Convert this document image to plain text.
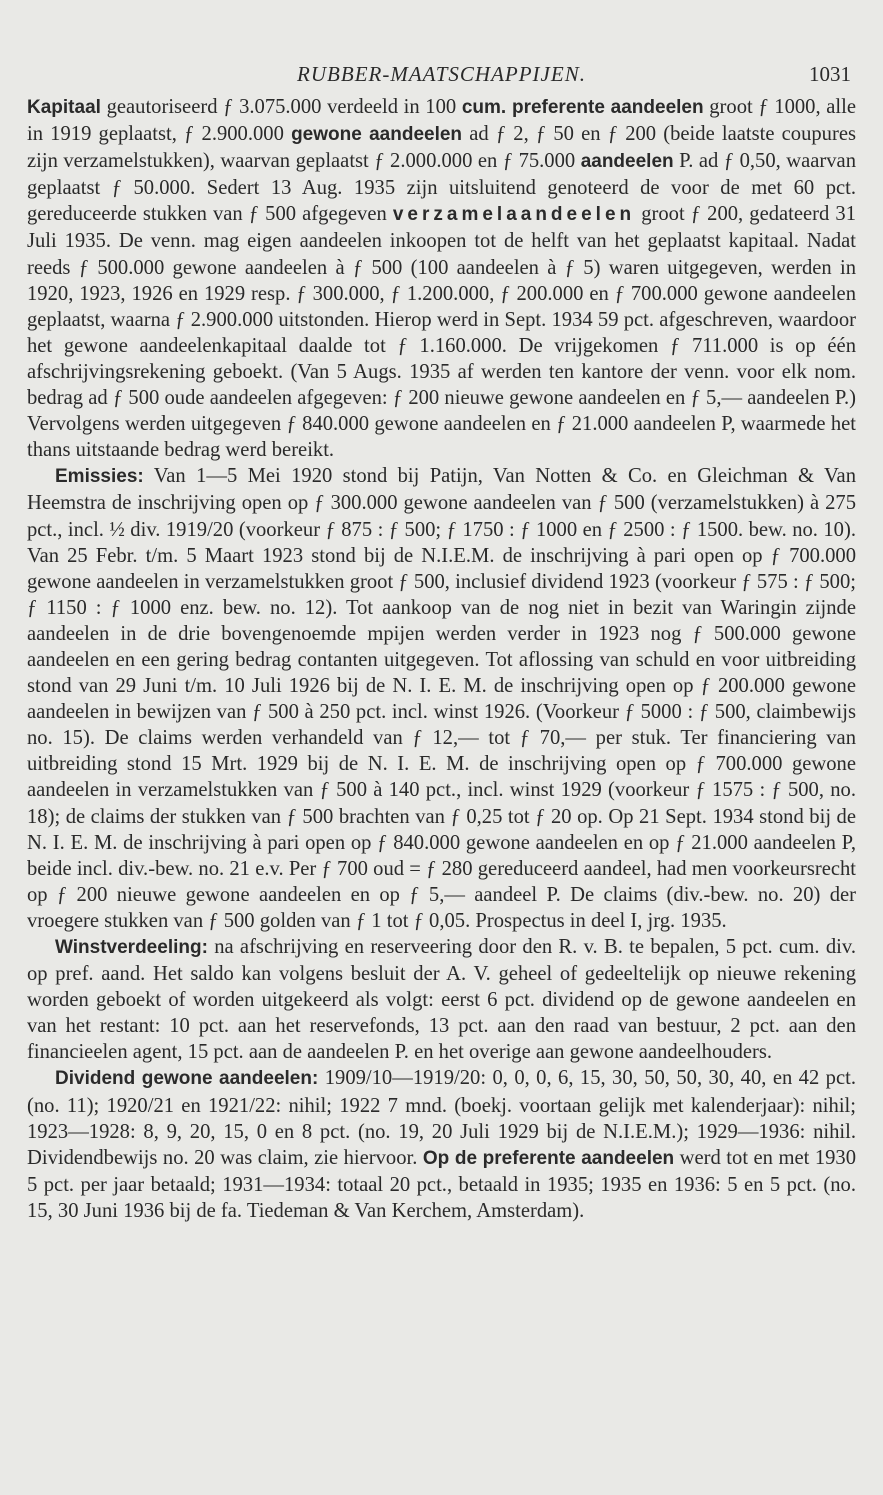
RUBBER-MAATSCHAPPIJEN.	1031

Kapitaal geautoriseerd ƒ 3.075.000 verdeeld in 100 cum. preferente aandeelen groot ƒ 1000, alle in 1919 geplaatst, ƒ 2.900.000 gewone aandeelen ad ƒ 2, ƒ 50 en ƒ 200 (beide laatste coupures zijn verzamelstukken), waarvan geplaatst ƒ 2.000.000 en ƒ 75.000 aandeelen P. ad ƒ 0,50, waarvan geplaatst ƒ 50.000. Sedert 13 Aug. 1935 zijn uitsluitend genoteerd de voor de met 60 pct. gereduceerde stukken van ƒ 500 afgegeven verzamelaandeelen groot ƒ 200, gedateerd 31 Juli 1935. De venn. mag eigen aandeelen inkoopen tot de helft van het geplaatst kapitaal. Nadat reeds ƒ 500.000 gewone aandeelen à ƒ 500 (100 aandeelen à ƒ 5) waren uitgegeven, werden in 1920, 1923, 1926 en 1929 resp. ƒ 300.000, ƒ 1.200.000, ƒ 200.000 en ƒ 700.000 gewone aandeelen geplaatst, waarna ƒ 2.900.000 uitstonden. Hierop werd in Sept. 1934 59 pct. afgeschreven, waardoor het gewone aandeelenkapitaal daalde tot ƒ 1.160.000. De vrijgekomen ƒ 711.000 is op één afschrijvingsrekening geboekt. (Van 5 Augs. 1935 af werden ten kantore der venn. voor elk nom. bedrag ad ƒ 500 oude aandeelen afgegeven: ƒ 200 nieuwe gewone aandeelen en ƒ 5,— aandeelen P.) Vervolgens werden uitgegeven ƒ 840.000 gewone aandeelen en ƒ 21.000 aandeelen P, waarmede het thans uitstaande bedrag werd bereikt.

Emissies: Van 1—5 Mei 1920 stond bij Patijn, Van Notten & Co. en Gleichman & Van Heemstra de inschrijving open op ƒ 300.000 gewone aandeelen van ƒ 500 (verzamelstukken) à 275 pct., incl. ½ div. 1919/20 (voorkeur ƒ 875 : ƒ 500; ƒ 1750 : ƒ 1000 en ƒ 2500 : ƒ 1500. bew. no. 10). Van 25 Febr. t/m. 5 Maart 1923 stond bij de N.I.E.M. de inschrijving à pari open op ƒ 700.000 gewone aandeelen in verzamelstukken groot ƒ 500, inclusief dividend 1923 (voorkeur ƒ 575 : ƒ 500; ƒ 1150 : ƒ 1000 enz. bew. no. 12). Tot aankoop van de nog niet in bezit van Waringin zijnde aandeelen in de drie bovengenoemde mpijen werden verder in 1923 nog ƒ 500.000 gewone aandeelen en een gering bedrag contanten uitgegeven. Tot aflossing van schuld en voor uitbreiding stond van 29 Juni t/m. 10 Juli 1926 bij de N. I. E. M. de inschrijving open op ƒ 200.000 gewone aandeelen in bewijzen van ƒ 500 à 250 pct. incl. winst 1926. (Voorkeur ƒ 5000 : ƒ 500, claimbewijs no. 15). De claims werden verhandeld van ƒ 12,— tot ƒ 70,— per stuk. Ter financiering van uitbreiding stond 15 Mrt. 1929 bij de N. I. E. M. de inschrijving open op ƒ 700.000 gewone aandeelen in verzamelstukken van ƒ 500 à 140 pct., incl. winst 1929 (voorkeur ƒ 1575 : ƒ 500, no. 18); de claims der stukken van ƒ 500 brachten van ƒ 0,25 tot ƒ 20 op. Op 21 Sept. 1934 stond bij de N. I. E. M. de inschrijving à pari open op ƒ 840.000 gewone aandeelen en op ƒ 21.000 aandeelen P, beide incl. div.-bew. no. 21 e.v. Per ƒ 700 oud = ƒ 280 gereduceerd aandeel, had men voorkeursrecht op ƒ 200 nieuwe gewone aandeelen en op ƒ 5,— aandeel P. De claims (div.-bew. no. 20) der vroegere stukken van ƒ 500 golden van ƒ 1 tot ƒ 0,05. Prospectus in deel I, jrg. 1935.

Winstverdeeling: na afschrijving en reserveering door den R. v. B. te bepalen, 5 pct. cum. div. op pref. aand. Het saldo kan volgens besluit der A. V. geheel of gedeeltelijk op nieuwe rekening worden geboekt of worden uitgekeerd als volgt: eerst 6 pct. dividend op de gewone aandeelen en van het restant: 10 pct. aan het reservefonds, 13 pct. aan den raad van bestuur, 2 pct. aan den financieelen agent, 15 pct. aan de aandeelen P. en het overige aan gewone aandeelhouders.

Dividend gewone aandeelen: 1909/10—1919/20: 0, 0, 0, 6, 15, 30, 50, 50, 30, 40, en 42 pct. (no. 11); 1920/21 en 1921/22: nihil; 1922 7 mnd. (boekj. voortaan gelijk met kalenderjaar): nihil; 1923—1928: 8, 9, 20, 15, 0 en 8 pct. (no. 19, 20 Juli 1929 bij de N.I.E.M.); 1929—1936: nihil. Dividendbewijs no. 20 was claim, zie hiervoor. Op de preferente aandeelen werd tot en met 1930 5 pct. per jaar betaald; 1931—1934: totaal 20 pct., betaald in 1935; 1935 en 1936: 5 en 5 pct. (no. 15, 30 Juni 1936 bij de fa. Tiedeman & Van Kerchem, Amsterdam).
